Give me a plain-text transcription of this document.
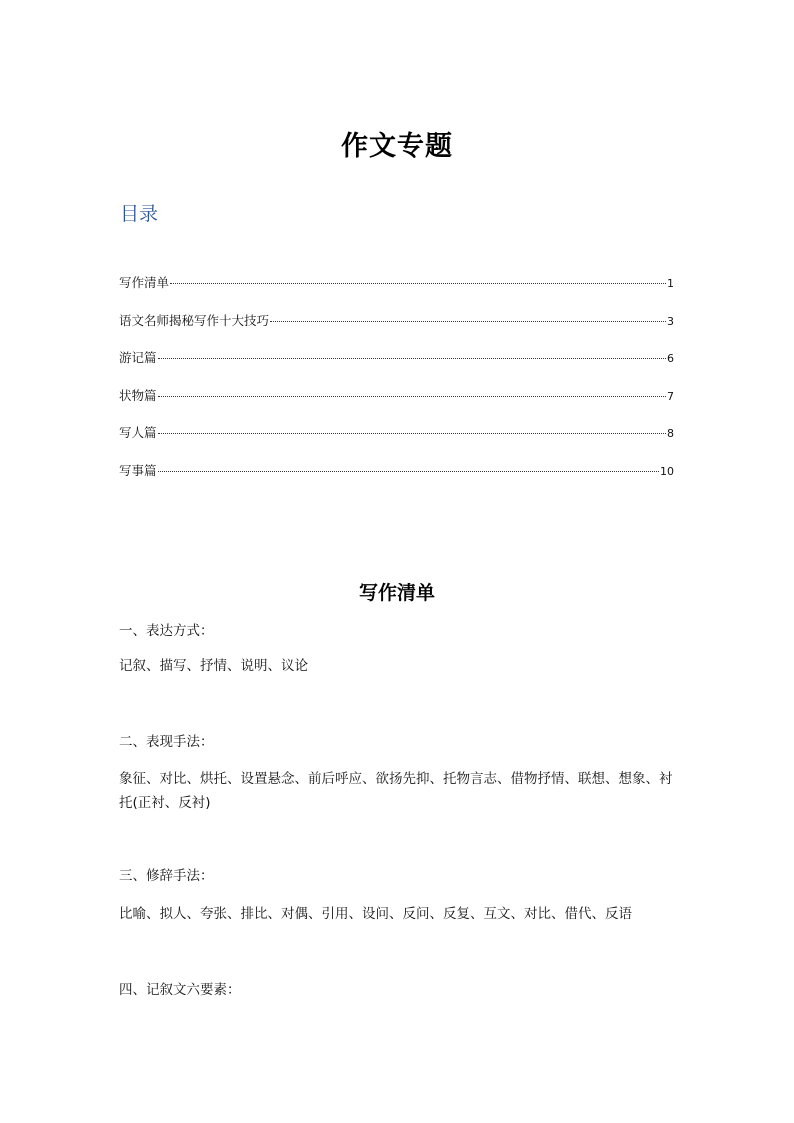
作文专题
目录
写作清单	1
语文名师揭秘写作十大技巧	3
游记篇	6
状物篇	7
写人篇	8
写事篇	10
写作清单
一、表达方式：
记叙、描写、抒情、说明、议论
二、表现手法：
象征、对比、烘托、设置悬念、前后呼应、欲扬先抑、托物言志、借物抒情、联想、想象、衬托(正衬、反衬)
三、修辞手法：
比喻、拟人、夸张、排比、对偶、引用、设问、反问、反复、互文、对比、借代、反语
四、记叙文六要素：
